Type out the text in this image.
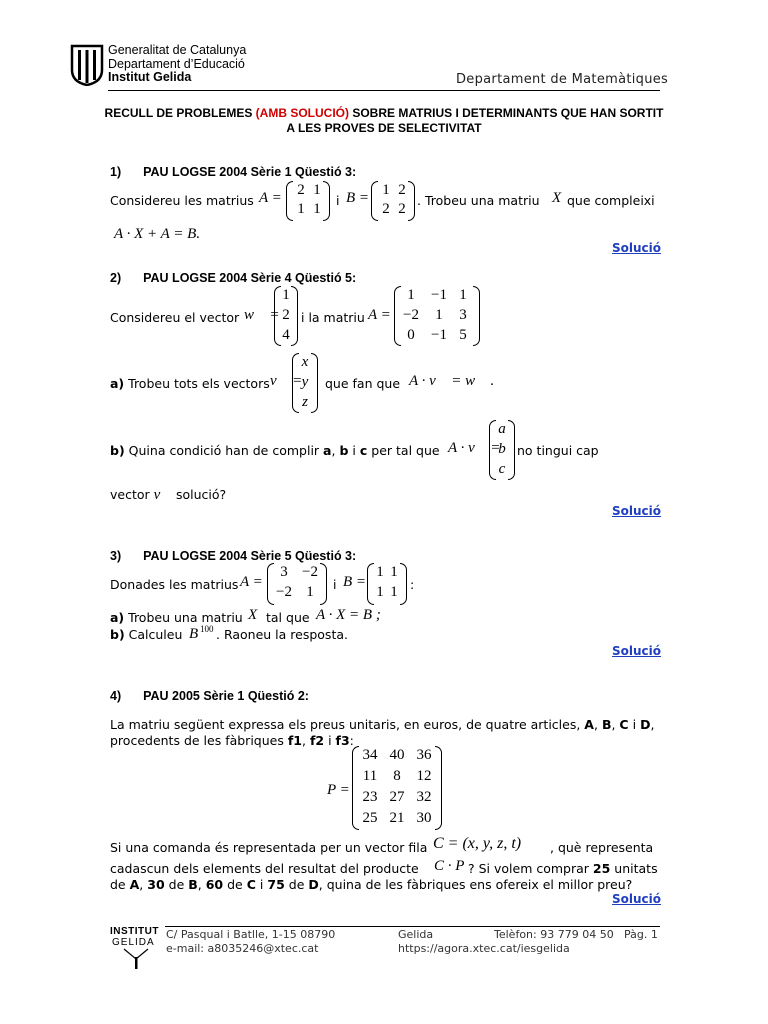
Generalitat de Catalunya
Departament d’Educació
Institut Gelida	Departament de Matemàtiques
RECULL DE PROBLEMES (AMB SOLUCIÓ) SOBRE MATRIUS I DETERMINANTS QUE HAN SORTIT
A LES PROVES DE SELECTIVITAT
1) PAU LOGSE 2004 Sèrie 1 Qüestió 3:
Considereu les matrius A = 2 1
1 1
i B = 1 2
2 2
. Trobeu una matriu X que compleixi
A · X + A = B.
Solució
2) PAU LOGSE 2004 Sèrie 4 Qüestió 5:
Considereu el vector w⃗ =
1
2
4
i la matriu A =
1	−1 1
−2	1	3
0	−1 5
a) Trobeu tots els vectors v⃗ =
x
y
z
que fan que A · v⃗ = w⃗ .
b) Quina condició han de complir a, b i c per tal que A · v⃗ =
a
b
c
no tingui cap
vector v⃗ solució?
Solució
3) PAU LOGSE 2004 Sèrie 5 Qüestió 3:
Donades les matrius A =
3 −2
−2 1	i B =
1 1
1 1 :
a) Trobeu una matriu X tal que A · X = B ;
b) Calculeu B 100 . Raoneu la resposta.
Solució
4) PAU 2005 Sèrie 1 Qüestió 2:
La matriu següent expressa els preus unitaris, en euros, de quatre articles, A, B, C i D,
procedents de les fàbriques f1, f2 i f3:
P =
34 40 36
11	8	12
23 27 32
25 21 30
Si una comanda és representada per un vector fila C = (x, y, z, t) , què representa
cadascun dels elements del resultat del producte C · P ? Si volem comprar 25 unitats
de A, 30 de B, 60 de C i 75 de D, quina de les fàbriques ens ofereix el millor preu?
Solució
INSTITUT
GELIDA
C/ Pasqual i Batlle, 1-15 08790	Gelida	Telèfon: 93 779 04 50 Pàg. 1
e-mail: a8035246@xtec.cat	https://agora.xtec.cat/iesgelida
